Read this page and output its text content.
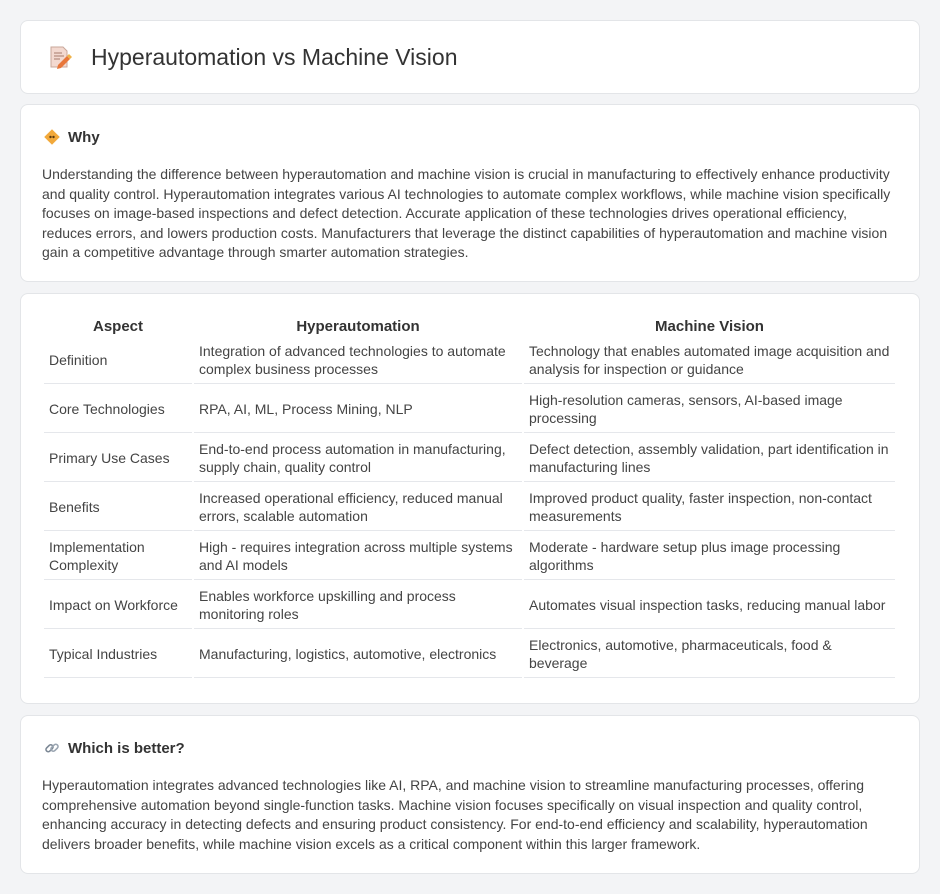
Hyperautomation vs Machine Vision
Why

Understanding the difference between hyperautomation and machine vision is crucial in manufacturing to effectively enhance productivity and quality control. Hyperautomation integrates various AI technologies to automate complex workflows, while machine vision specifically focuses on image-based inspections and defect detection. Accurate application of these technologies drives operational efficiency, reduces errors, and lowers production costs. Manufacturers that leverage the distinct capabilities of hyperautomation and machine vision gain a competitive advantage through smarter automation strategies.

Aspect	Hyperautomation	Machine Vision
Definition	Integration of advanced technologies to automate complex business processes	Technology that enables automated image acquisition and analysis for inspection or guidance
Core Technologies	RPA, AI, ML, Process Mining, NLP	High-resolution cameras, sensors, AI-based image processing
Primary Use Cases	End-to-end process automation in manufacturing, supply chain, quality control	Defect detection, assembly validation, part identification in manufacturing lines
Benefits	Increased operational efficiency, reduced manual errors, scalable automation	Improved product quality, faster inspection, non-contact measurements
Implementation Complexity	High - requires integration across multiple systems and AI models	Moderate - hardware setup plus image processing algorithms
Impact on Workforce	Enables workforce upskilling and process monitoring roles	Automates visual inspection tasks, reducing manual labor
Typical Industries	Manufacturing, logistics, automotive, electronics	Electronics, automotive, pharmaceuticals, food & beverage
Which is better?

Hyperautomation integrates advanced technologies like AI, RPA, and machine vision to streamline manufacturing processes, offering comprehensive automation beyond single-function tasks. Machine vision focuses specifically on visual inspection and quality control, enhancing accuracy in detecting defects and ensuring product consistency. For end-to-end efficiency and scalability, hyperautomation delivers broader benefits, while machine vision excels as a critical component within this larger framework.
